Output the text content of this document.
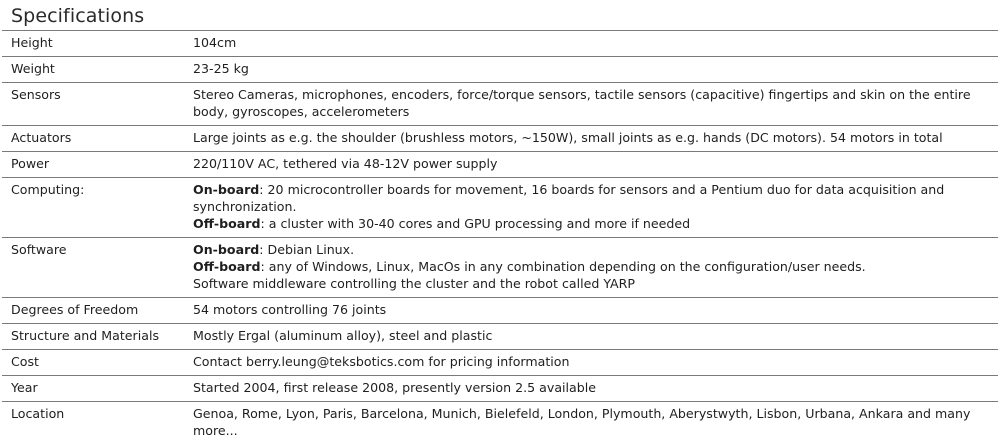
Specifications
Height	104cm
Weight	23-25 kg
Sensors	Stereo Cameras, microphones, encoders, force/torque sensors, tactile sensors (capacitive) fingertips and skin on the entire body, gyroscopes, accelerometers
Actuators	Large joints as e.g. the shoulder (brushless motors, ~150W), small joints as e.g. hands (DC motors). 54 motors in total
Power	220/110V AC, tethered via 48-12V power supply
Computing:	On-board: 20 microcontroller boards for movement, 16 boards for sensors and a Pentium duo for data acquisition and synchronization.
Off-board: a cluster with 30-40 cores and GPU processing and more if needed

Software	On-board: Debian Linux.
Off-board: any of Windows, Linux, MacOs in any combination depending on the configuration/user needs.
Software middleware controlling the cluster and the robot called YARP

Degrees of Freedom	54 motors controlling 76 joints
Structure and Materials	Mostly Ergal (aluminum alloy), steel and plastic
Cost	Contact berry.leung@teksbotics.com for pricing information
Year	Started 2004, first release 2008, presently version 2.5 available
Location	Genoa, Rome, Lyon, Paris, Barcelona, Munich, Bielefeld, London, Plymouth, Aberystwyth, Lisbon, Urbana, Ankara and many more...
